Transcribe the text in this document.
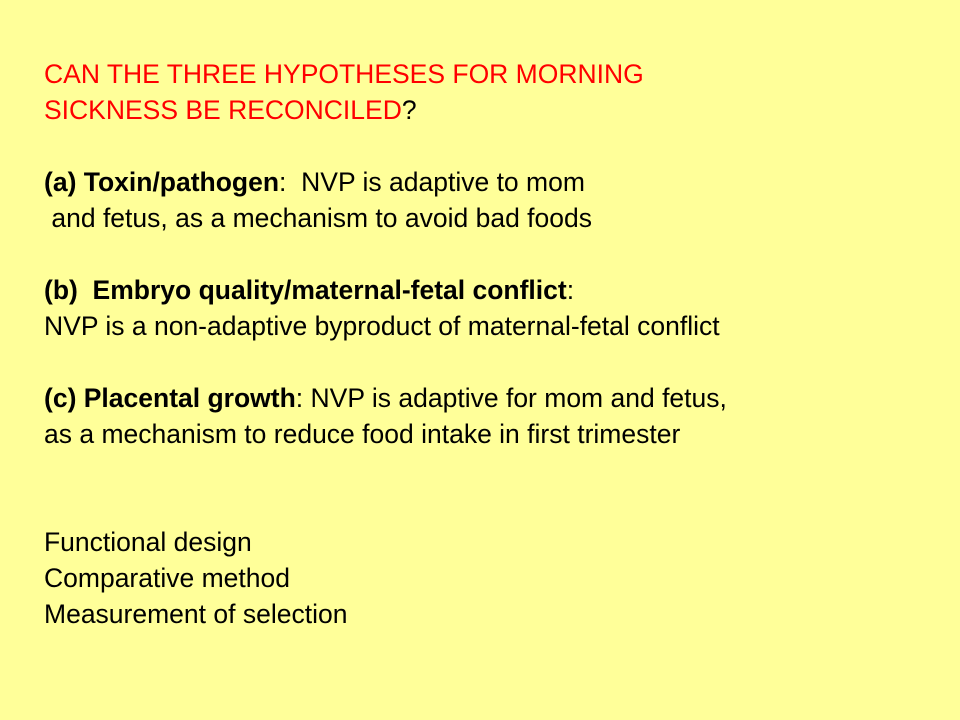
CAN THE THREE HYPOTHESES FOR MORNING
SICKNESS BE RECONCILED?
(a) Toxin/pathogen:  NVP is adaptive to mom
and fetus, as a mechanism to avoid bad foods
(b)  Embryo quality/maternal-fetal conflict:
NVP is a non-adaptive byproduct of maternal-fetal conflict
(c) Placental growth: NVP is adaptive for mom and fetus,
as a mechanism to reduce food intake in first trimester
Functional design
Comparative method
Measurement of selection
